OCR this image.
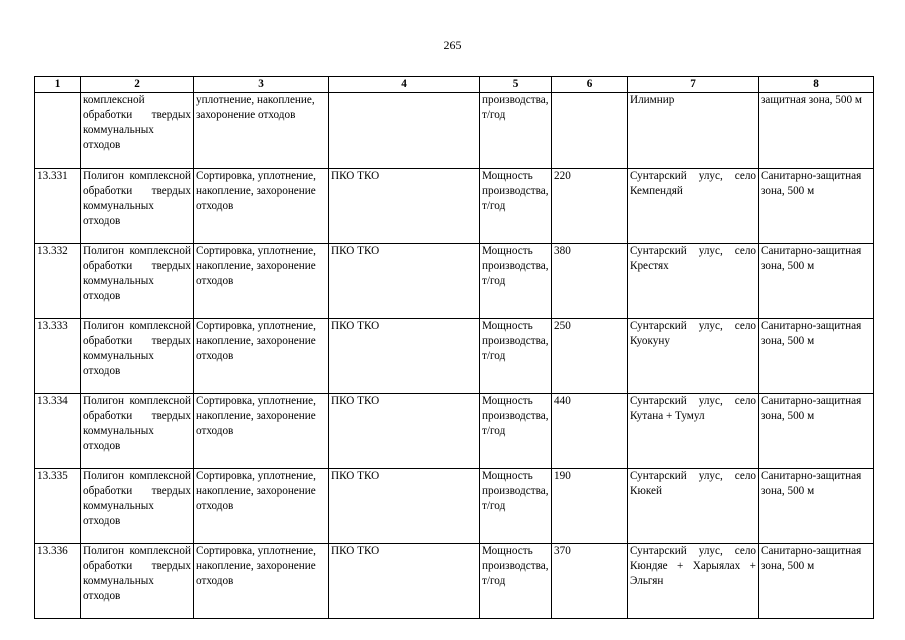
265
1	2	3	4	5	6	7	8
	комплексной обработки твердых коммунальных отходов	уплотнение, накопление, захоронение отходов		производства, т/год		Илимнир	защитная зона, 500 м
13.331	Полигон комплексной обработки твердых коммунальных отходов	Сортировка, уплотнение, накопление, захоронение отходов	ПКО ТКО	Мощность производства, т/год	220	Сунтарский улус, село Кемпендяй	Санитарно-защитная зона, 500 м
13.332	Полигон комплексной обработки твердых коммунальных отходов	Сортировка, уплотнение, накопление, захоронение отходов	ПКО ТКО	Мощность производства, т/год	380	Сунтарский улус, село Крестях	Санитарно-защитная зона, 500 м
13.333	Полигон комплексной обработки твердых коммунальных отходов	Сортировка, уплотнение, накопление, захоронение отходов	ПКО ТКО	Мощность производства, т/год	250	Сунтарский улус, село Куокуну	Санитарно-защитная зона, 500 м
13.334	Полигон комплексной обработки твердых коммунальных отходов	Сортировка, уплотнение, накопление, захоронение отходов	ПКО ТКО	Мощность производства, т/год	440	Сунтарский улус, село Кутана + Тумул	Санитарно-защитная зона, 500 м
13.335	Полигон комплексной обработки твердых коммунальных отходов	Сортировка, уплотнение, накопление, захоронение отходов	ПКО ТКО	Мощность производства, т/год	190	Сунтарский улус, село Кюкей	Санитарно-защитная зона, 500 м
13.336	Полигон комплексной обработки твердых коммунальных отходов	Сортировка, уплотнение, накопление, захоронение отходов	ПКО ТКО	Мощность производства, т/год	370	Сунтарский улус, село Кюндяе + Харыялах + Эльгян	Санитарно-защитная зона, 500 м
